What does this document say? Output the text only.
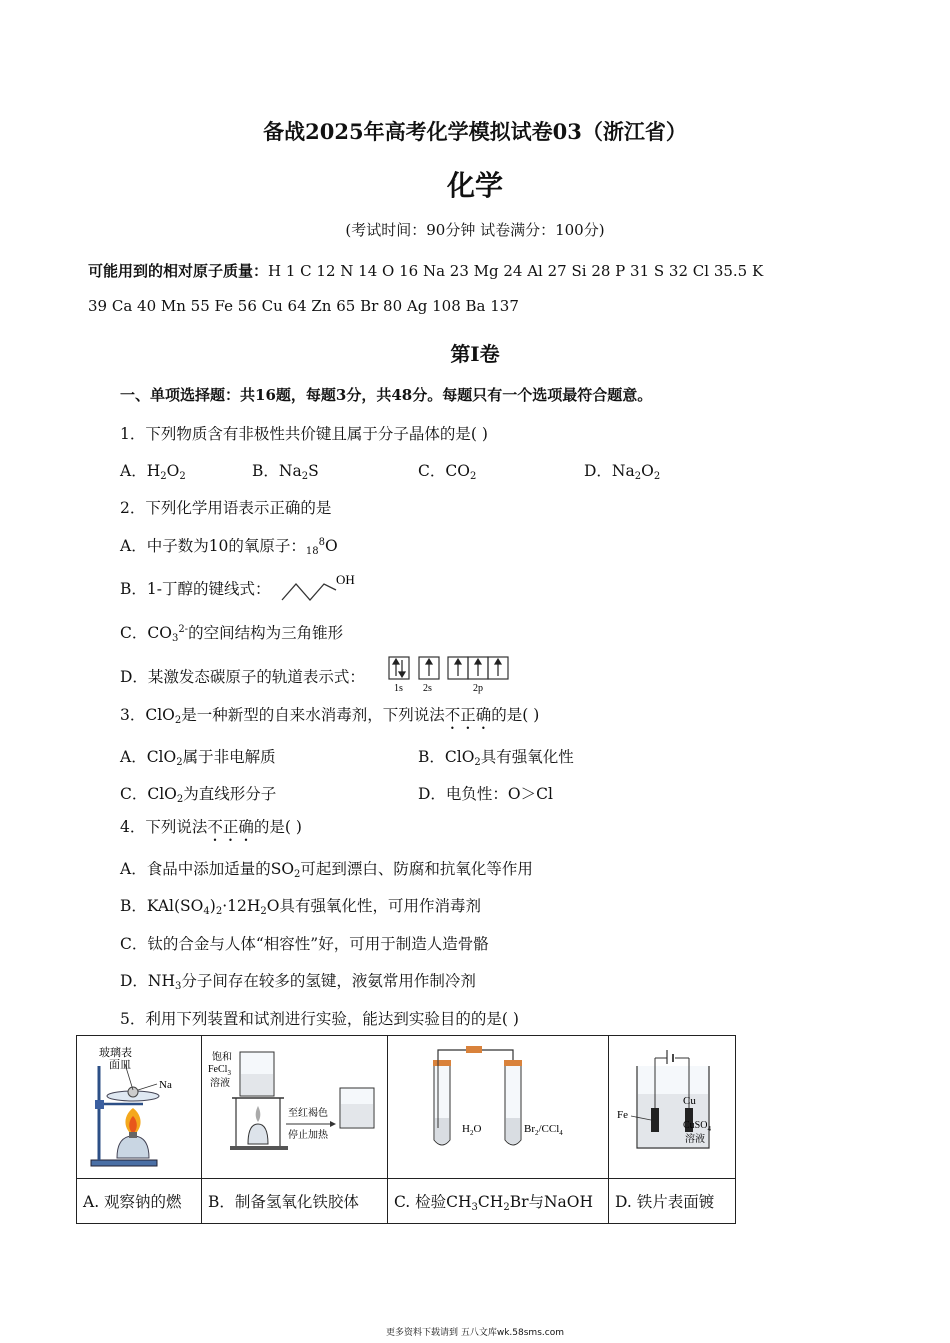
备战2025年高考化学模拟试卷03（浙江省）
化学
(考试时间：90分钟 试卷满分：100分)
可能用到的相对原子质量：H 1 C 12 N 14 O 16 Na 23 Mg 24 Al 27 Si 28 P 31 S 32 Cl 35.5 K
39 Ca 40 Mn 55 Fe 56 Cu 64 Zn 65 Br 80 Ag 108 Ba 137
第Ⅰ卷
一、单项选择题：共16题，每题3分，共48分。每题只有一个选项最符合题意。
1．下列物质含有非极性共价键且属于分子晶体的是( )
A．$H_2O_2$	B．$Na_2S$	C．$CO_2$	D．$Na_2O_2$
2．下列化学用语表示正确的是
A．中子数为10的氧原子：$_{18}^8$O
B．1-丁醇的键线式：
OH
C．$CO_3^{2-}$的空间结构为三角锥形
D．某激发态碳原子的轨道表示式：
1s 2s	2p
3．ClO$_2$是一种新型的自来水消毒剂，下列说法不正确的是( )
A．ClO$_2$属于非电解质	B．ClO$_2$具有强氧化性
C．ClO$_2$为直线形分子	D．电负性：O＞Cl
4．下列说法不正确的是( )
A．食品中添加适量的$SO_2$可起到漂白、防腐和抗氧化等作用
B．$KAl(SO_4)_2\cdot 12H_2O$具有强氧化性，可用作消毒剂
C．钛的合金与人体“相容性”好，可用于制造人造骨骼
D．$NH_3$分子间存在较多的氢键，液氨常用作制冷剂
5．利用下列装置和试剂进行实验，能达到实验目的的是( )
玻璃表
面皿
Na	饱和
FeCl$_3$
溶液
至红褐色
停止加热	$H_2O$ $Br_2/CCl_4$	Fe
Cu
CuSO$_4$
溶液

A. 观察钠的燃	B．制备氢氧化铁胶体	C. 检验$CH_3CH_2Br$与NaOH	D. 铁片表面镀
更多资料下载请到 五八文库wk.58sms.com
